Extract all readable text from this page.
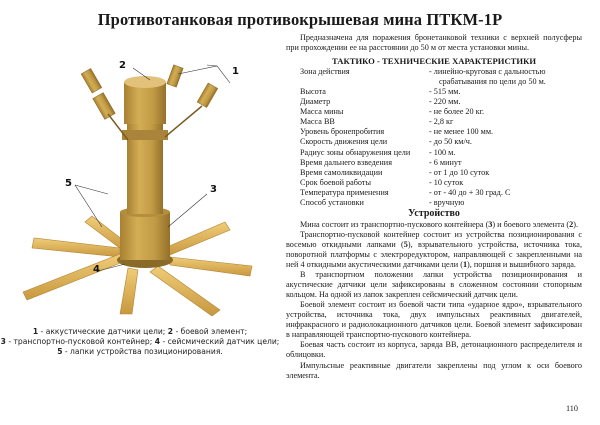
Противотанковая противокрышевая мина ПТКМ-1Р
2
1
5
3
4
1 - аккустические датчики цели; 2 - боевой элемент;
3 - транспортно-пусковой контейнер; 4 - сейсмический датчик цели; 5 - лапки устройства позиционирования.

Предназначена для поражения бронетанковой техники с верхней полусферы при прохождении ее на расстоянии до 50 м от места установки мины.

ТАКТИКО - ТЕХНИЧЕСКИЕ ХАРАКТЕРИСТИКИ
Зона действия	- линейно-круговая с дальностью
срабатывания по цели до 50 м.
Высота	- 515 мм.
Диаметр	- 220 мм.
Масса мины	- не более 20 кг.
Масса ВВ	- 2,8 кг
Уровень бронепробития	- не менее 100 мм.
Скорость движения цели	- до 50 км/ч.
Радиус зоны обнаружения цели	- 100 м.
Время дальнего взведения	- 6 минут
Время самоликвидации	- от 1 до 10 суток
Срок боевой работы	- 10 суток
Температура применения	- от - 40 до + 30 град. С
Способ установки	- вручную
Устройство

Мина состоит из транспортно-пускового контейнера (3) и боевого элемента (2).

Транспортно-пусковой контейнер состоит из устройства позиционирования с восемью откидными лапками (5), взрывательного устройства, источника тока, поворотной платформы с электроредуктором, направляющей с закрепленными на ней 4 откидными акустическими датчиками цели (1), поршня и вышибного заряда.

В транспортном положении лапки устройства позиционирования и акустические датчики цели зафиксированы в сложенном состоянии стопорным кольцом. На одной из лапок закреплен сейсмический датчик цели.

Боевой элемент состоит из боевой части типа «ударное ядро», взрывательного устройства, источника тока, двух импульсных реактивных двигателей, инфракрасного и радиолокационного датчиков цели. Боевой элемент зафиксирован в направляющей транспортно-пускового контейнера.

Боевая часть состоит из корпуса, заряда ВВ, детонационного распределителя и облицовки.

Импульсные реактивные двигатели закреплены под углом к оси боевого элемента.

110
